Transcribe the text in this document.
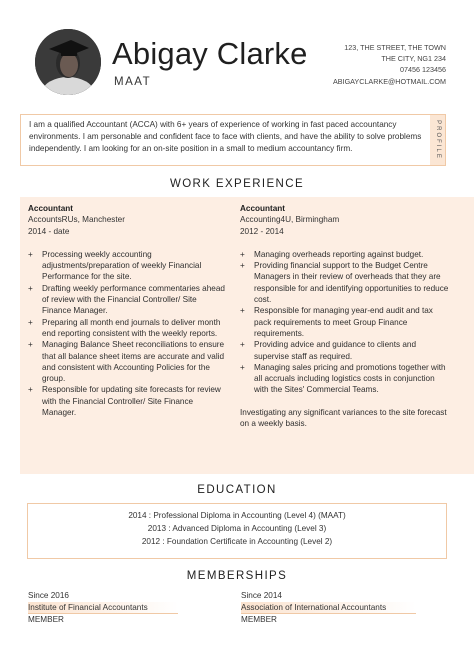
Abigay Clarke
MAAT
123, THE STREET, THE TOWN
THE CITY, NG1 234
07456 123456
ABIGAYCLARKE@HOTMAIL.COM
I am a qualified Accountant (ACCA) with 6+ years of experience of working in fast paced accountancy environments. I am personable and confident face to face with clients, and have the ability to solve problems independently. I am looking for an on-site position in a small to medium accountancy firm.	PROFILE
WORK EXPERIENCE
Accountant
AccountsRUs, Manchester
2014 - date
+ Processing weekly accounting adjustments/preparation of weekly Financial Performance for the site.
+ Drafting weekly performance commentaries ahead of review with the Financial Controller/ Site Finance Manager.
+ Preparing all month end journals to deliver month end reporting consistent with the weekly reports.
+ Managing Balance Sheet reconciliations to ensure that all balance sheet items are accurate and valid and consistent with Accounting Policies for the group.
+ Responsible for updating site forecasts for review with the Financial Controller/ Site Finance Manager.
Accountant
Accounting4U, Birmingham
2012 - 2014
+ Managing overheads reporting against budget.
+ Providing financial support to the Budget Centre Managers in their review of overheads that they are responsible for and identifying opportunities to reduce cost.
+ Responsible for managing year-end audit and tax pack requirements to meet Group Finance requirements.
+ Providing advice and guidance to clients and supervise staff as required.
+ Managing sales pricing and promotions together with all accruals including logistics costs in conjunction with the Sites' Commercial Teams.
Investigating any significant variances to the site forecast on a weekly basis.
EDUCATION
2014 : Professional Diploma in Accounting (Level 4) (MAAT)
2013 : Advanced Diploma in Accounting (Level 3)
2012 : Foundation Certificate in Accounting (Level 2)
MEMBERSHIPS
Since 2016
Institute of Financial Accountants
MEMBER
Since 2014
Association of International Accountants
MEMBER
